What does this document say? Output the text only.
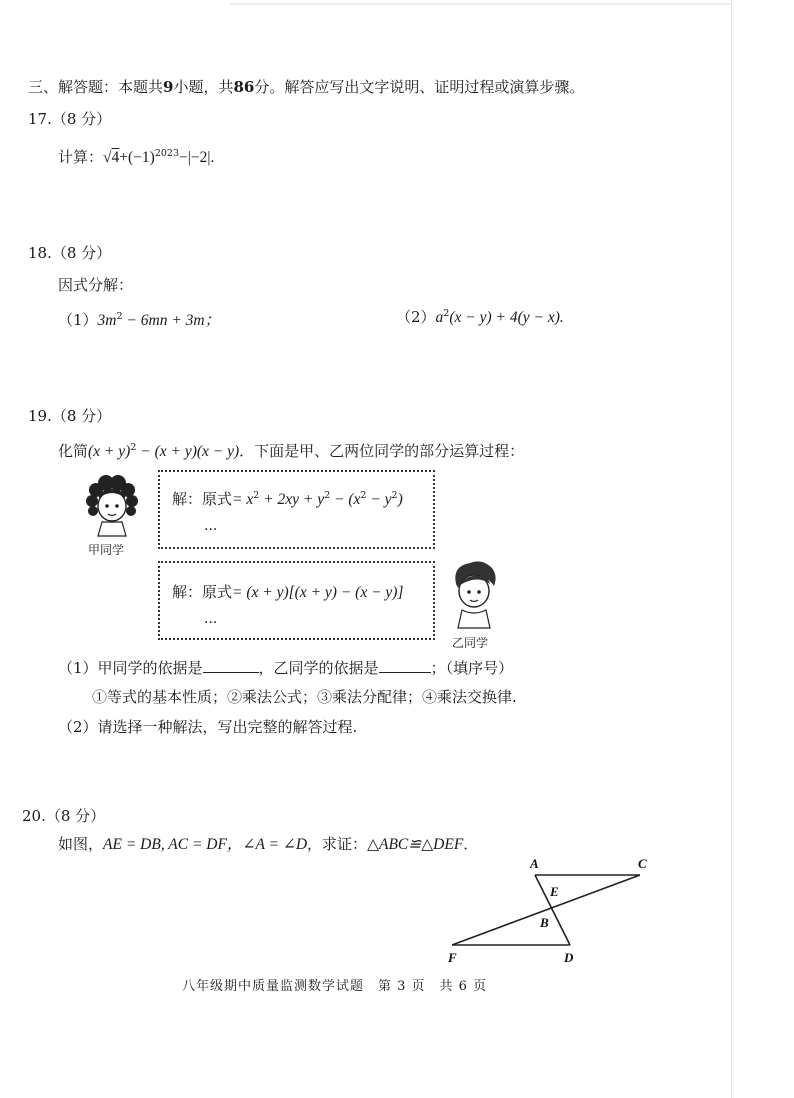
三、解答题：本题共9小题，共86分。解答应写出文字说明、证明过程或演算步骤。
17.（8 分）
计算：$√4+(-1)^{2023}-|-2|$.
18.（8 分）
因式分解：
$(1)3m^2 - 6mn + 3m$；	$(2)a^2(x - y) + 4(y - x)$.
19.（8 分）
化简$(x + y)^2 - (x + y)(x - y)$．下面是甲、乙两位同学的部分运算过程：
甲同学
解：原式= $x^2 + 2xy + y^2 - (x^2 - y^2)$
...
解：原式= (x + y)[(x + y) − (x − y)]
...
乙同学
（1）甲同学的依据是	，乙同学的依据是	；（填序号）
①等式的基本性质；②乘法公式；③乘法分配律；④乘法交换律.
（2）请选择一种解法，写出完整的解答过程.
20.（8 分）
如图，AE = DB, AC = DF，∠A = ∠D，求证：△ABC≌△DEF．
A	C
E
B
F	D
八年级期中质量监测数学试题　第 3 页　共 6 页
